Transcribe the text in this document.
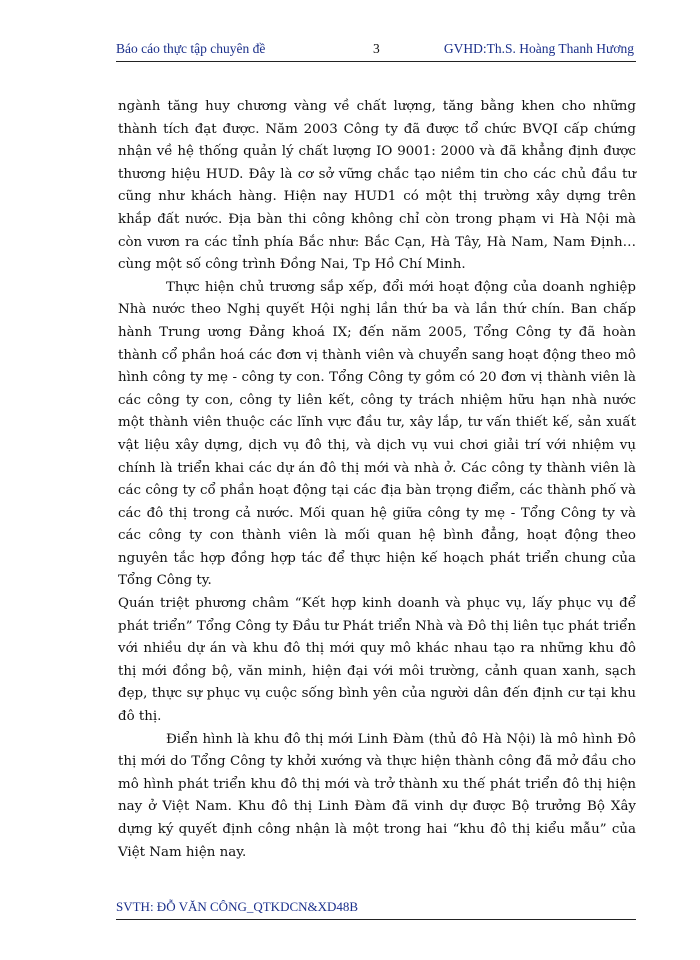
Báo cáo thực tập chuyên đề	3	GVHD:Th.S. Hoàng Thanh Hương

ngành tăng huy chương vàng về chất lượng, tăng bằng khen cho những thành tích đạt được. Năm 2003 Công ty đã được tổ chức BVQI cấp chứng nhận về hệ thống quản lý chất lượng IO 9001: 2000 và đã khẳng định được thương hiệu HUD. Đây là cơ sở vững chắc tạo niềm tin cho các chủ đầu tư cũng như khách hàng. Hiện nay HUD1 có một thị trường xây dựng trên khắp đất nước. Địa bàn thi công không chỉ còn trong phạm vi Hà Nội mà còn vươn ra các tỉnh phía Bắc như: Bắc Cạn, Hà Tây, Hà Nam, Nam Định… cùng một số công trình Đồng Nai, Tp Hồ Chí Minh.

Thực hiện chủ trương sắp xếp, đổi mới hoạt động của doanh nghiệp Nhà nước theo Nghị quyết Hội nghị lần thứ ba và lần thứ chín. Ban chấp hành Trung ương Đảng khoá IX; đến năm 2005, Tổng Công ty đã hoàn thành cổ phần hoá các đơn vị thành viên và chuyển sang hoạt động theo mô hình công ty mẹ - công ty con. Tổng Công ty gồm có 20 đơn vị thành viên là các công ty con, công ty liên kết, công ty trách nhiệm hữu hạn nhà nước một thành viên thuộc các lĩnh vực đầu tư, xây lắp, tư vấn thiết kế, sản xuất vật liệu xây dựng, dịch vụ đô thị, và dịch vụ vui chơi giải trí với nhiệm vụ chính là triển khai các dự án đô thị mới và nhà ở. Các công ty thành viên là các công ty cổ phần hoạt động tại các địa bàn trọng điểm, các thành phố và các đô thị trong cả nước. Mối quan hệ giữa công ty mẹ - Tổng Công ty và các công ty con thành viên là mối quan hệ bình đẳng, hoạt động theo nguyên tắc hợp đồng hợp tác để thực hiện kế hoạch phát triển chung của Tổng Công ty.

Quán triệt phương châm “Kết hợp kinh doanh và phục vụ, lấy phục vụ để phát triển” Tổng Công ty Đầu tư Phát triển Nhà và Đô thị liên tục phát triển với nhiều dự án và khu đô thị mới quy mô khác nhau tạo ra những khu đô thị mới đồng bộ, văn minh, hiện đại với môi trường, cảnh quan xanh, sạch đẹp, thực sự phục vụ cuộc sống bình yên của người dân đến định cư tại khu đô thị.

Điển hình là khu đô thị mới Linh Đàm (thủ đô Hà Nội) là mô hình Đô thị mới do Tổng Công ty khởi xướng và thực hiện thành công đã mở đầu cho mô hình phát triển khu đô thị mới và trở thành xu thế phát triển đô thị hiện nay ở Việt Nam. Khu đô thị Linh Đàm đã vinh dự được Bộ trưởng Bộ Xây dựng ký quyết định công nhận là một trong hai “khu đô thị kiểu mẫu” của Việt Nam hiện nay.

SVTH: ĐỖ VĂN CÔNG_QTKDCN&XD48B
